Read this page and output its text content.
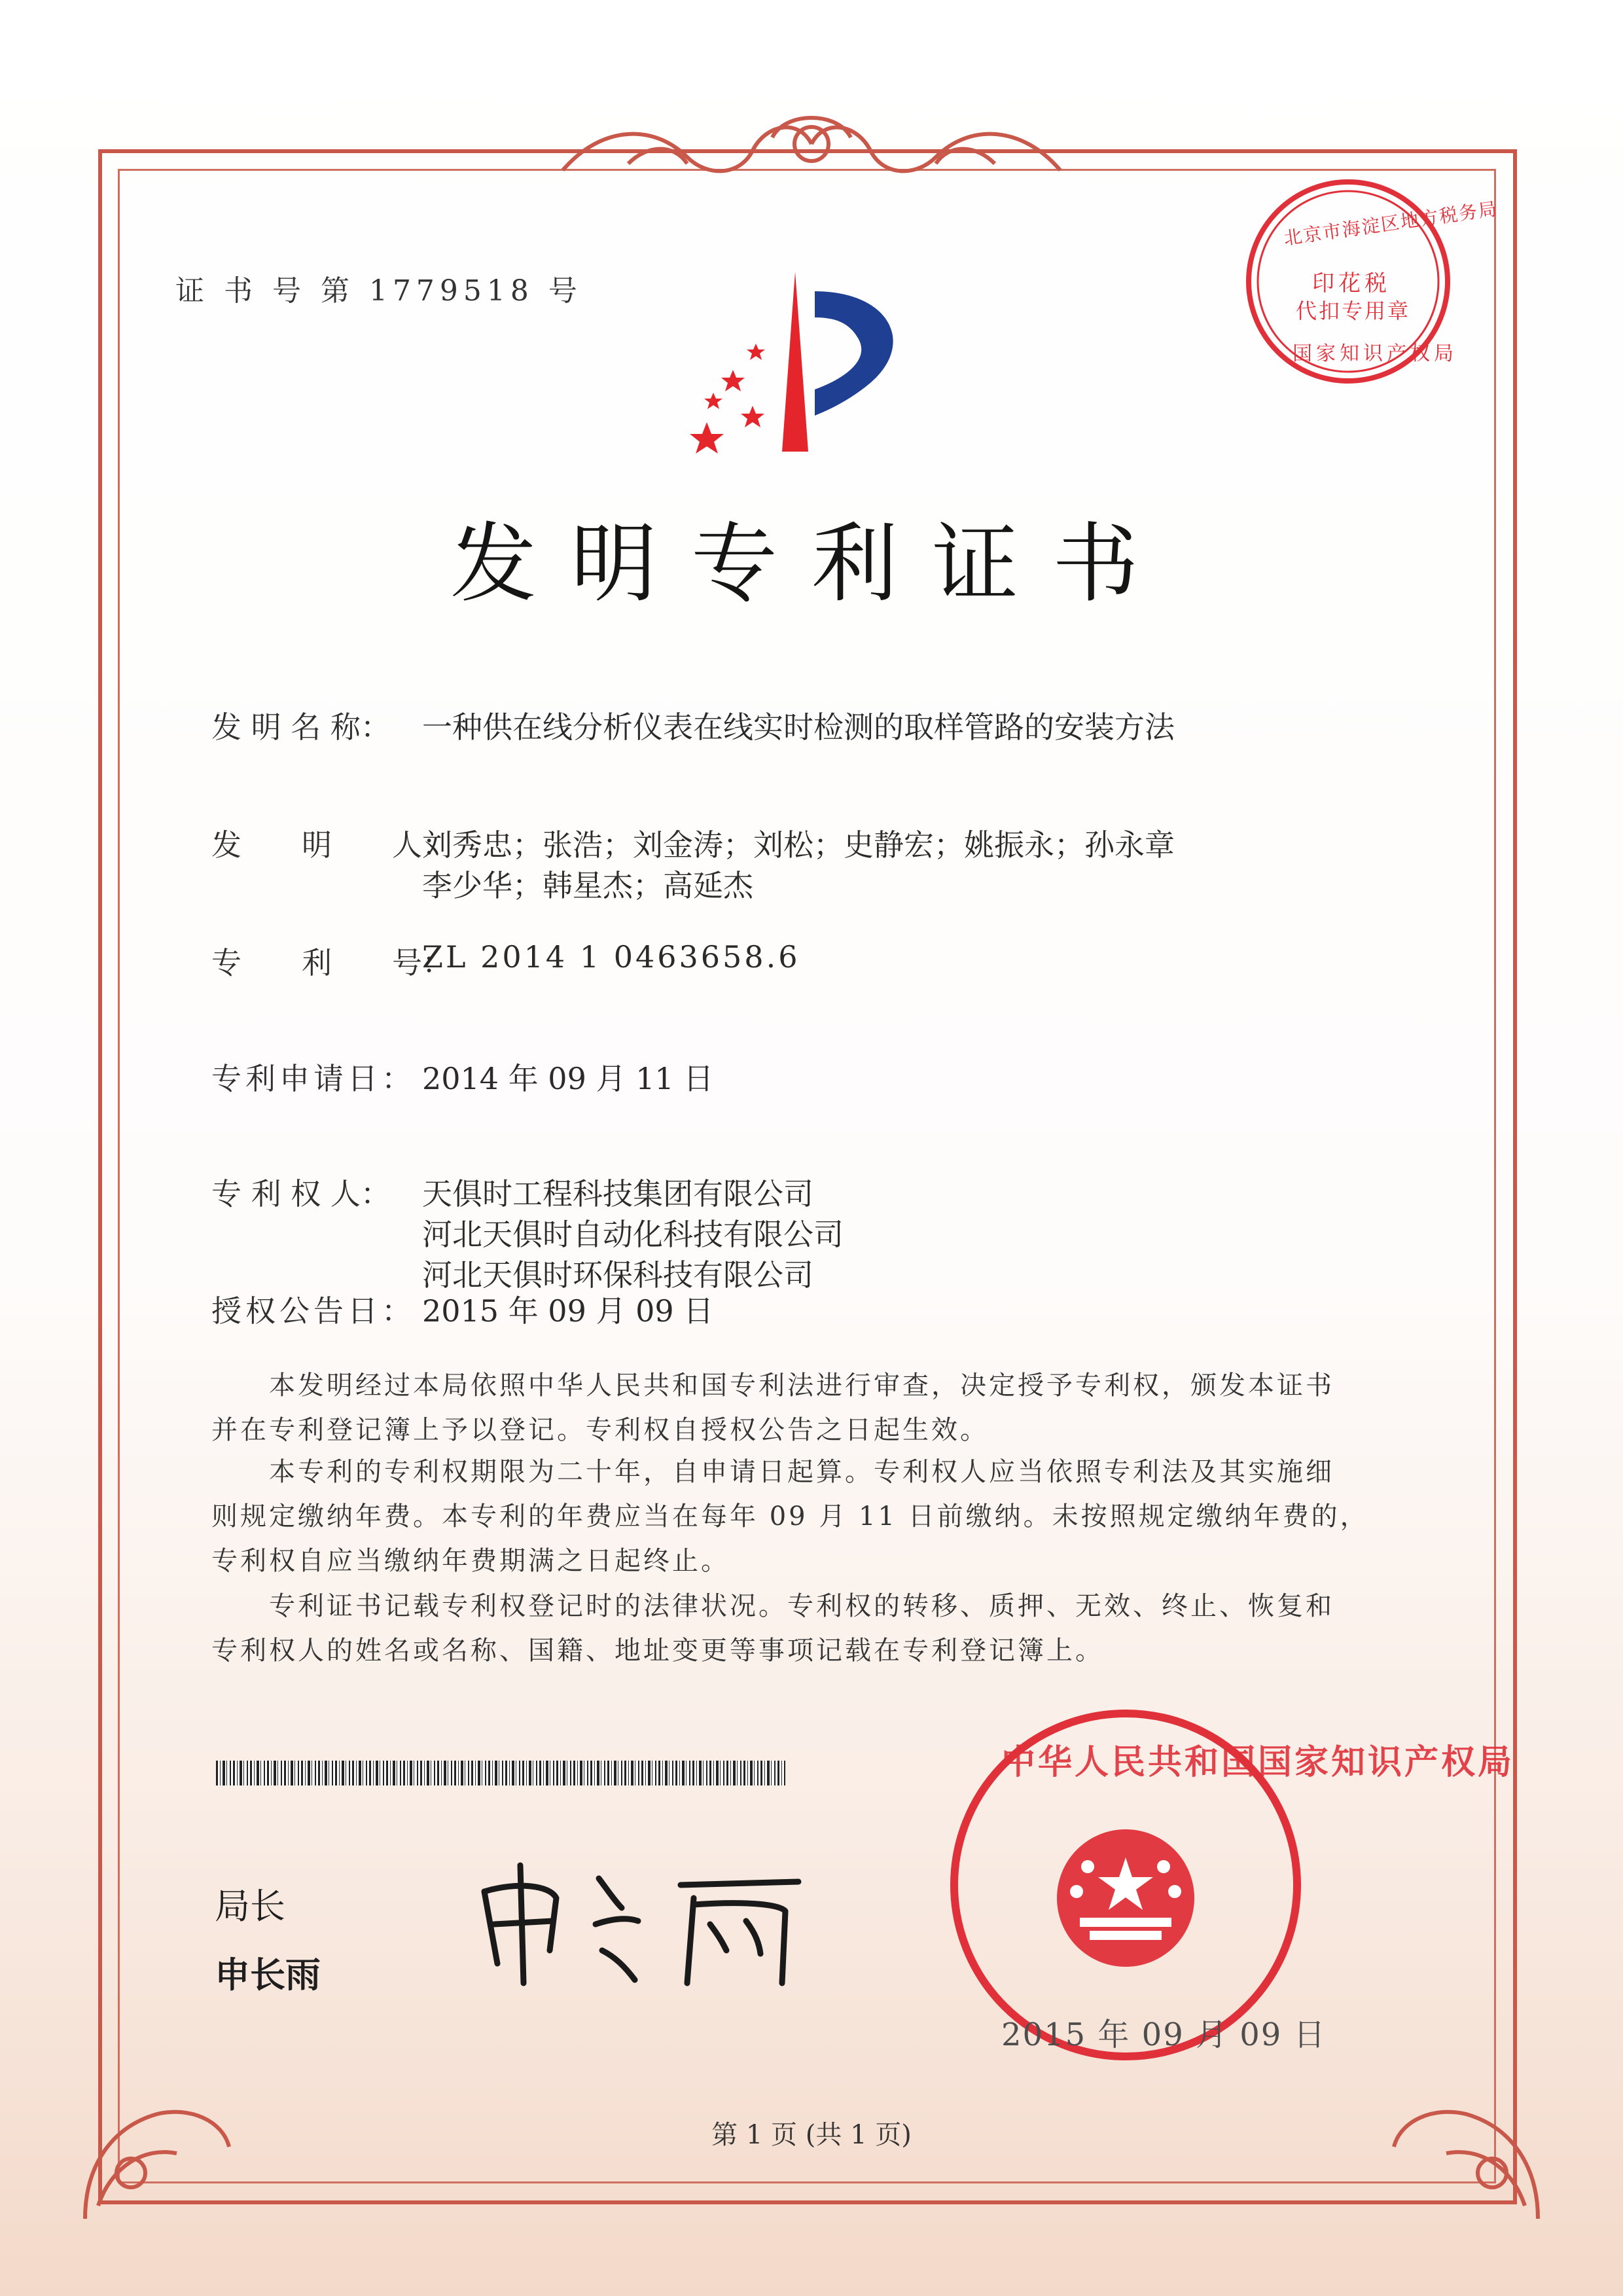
证 书 号 第 1779518 号
北京市海淀区地方税务局
印花税
代扣专用章
国家知识产权局
发明专利证书
发 明 名 称： 一种供在线分析仪表在线实时检测的取样管路的安装方法
发　　明　　人：
刘秀忠；张浩；刘金涛；刘松；史静宏；姚振永；孙永章
李少华；韩星杰；高延杰
专　　利　　号：
ZL 2014 1 0463658.6
专利申请日： 2014 年 09 月 11 日
专 利 权 人： 天俱时工程科技集团有限公司
河北天俱时自动化科技有限公司
河北天俱时环保科技有限公司
授权公告日： 2015 年 09 月 09 日
　　本发明经过本局依照中华人民共和国专利法进行审查，决定授予专利权，颁发本证书
并在专利登记簿上予以登记。专利权自授权公告之日起生效。
　　本专利的专利权期限为二十年，自申请日起算。专利权人应当依照专利法及其实施细
则规定缴纳年费。本专利的年费应当在每年 09 月 11 日前缴纳。未按照规定缴纳年费的，
专利权自应当缴纳年费期满之日起终止。
　　专利证书记载专利权登记时的法律状况。专利权的转移、质押、无效、终止、恢复和
专利权人的姓名或名称、国籍、地址变更等事项记载在专利登记簿上。
局长
申长雨
中华人民共和国国家知识产权局
2015 年 09 月 09 日
第 1 页 (共 1 页)
